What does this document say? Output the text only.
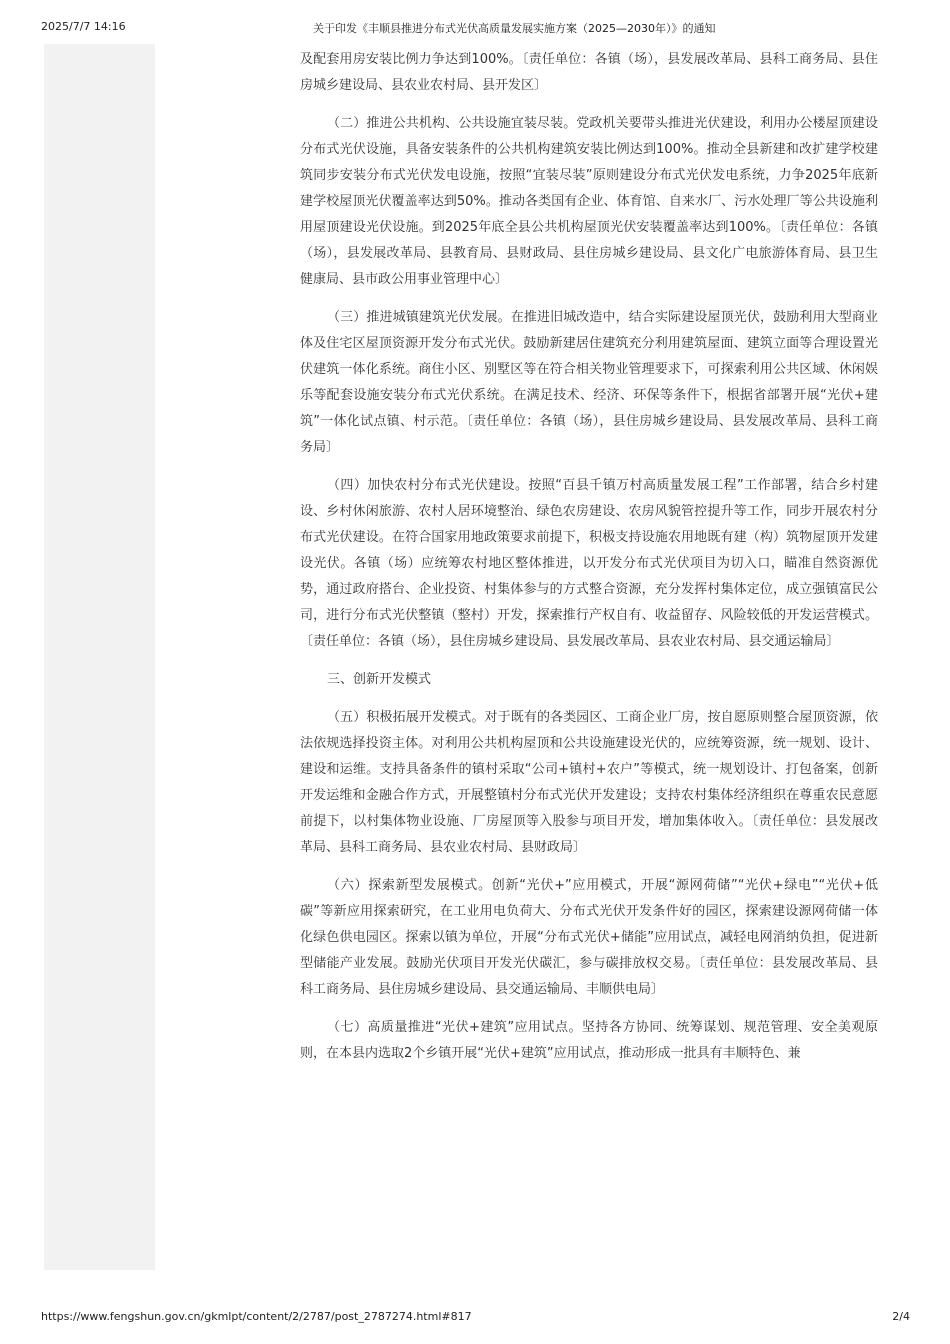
2025/7/7 14:16	关于印发《丰顺县推进分布式光伏高质量发展实施方案（2025—2030年）》的通知

及配套用房安装比例力争达到100%。〔责任单位：各镇（场），县发展改革局、县科工商务局、县住房城乡建设局、县农业农村局、县开发区〕

（二）推进公共机构、公共设施宜装尽装。党政机关要带头推进光伏建设，利用办公楼屋顶建设分布式光伏设施，具备安装条件的公共机构建筑安装比例达到100%。推动全县新建和改扩建学校建筑同步安装分布式光伏发电设施，按照“宜装尽装”原则建设分布式光伏发电系统，力争2025年底新建学校屋顶光伏覆盖率达到50%。推动各类国有企业、体育馆、自来水厂、污水处理厂等公共设施利用屋顶建设光伏设施。到2025年底全县公共机构屋顶光伏安装覆盖率达到100%。〔责任单位：各镇（场），县发展改革局、县教育局、县财政局、县住房城乡建设局、县文化广电旅游体育局、县卫生健康局、县市政公用事业管理中心〕

（三）推进城镇建筑光伏发展。在推进旧城改造中，结合实际建设屋顶光伏，鼓励利用大型商业体及住宅区屋顶资源开发分布式光伏。鼓励新建居住建筑充分利用建筑屋面、建筑立面等合理设置光伏建筑一体化系统。商住小区、别墅区等在符合相关物业管理要求下，可探索利用公共区域、休闲娱乐等配套设施安装分布式光伏系统。在满足技术、经济、环保等条件下，根据省部署开展“光伏+建筑”一体化试点镇、村示范。〔责任单位：各镇（场），县住房城乡建设局、县发展改革局、县科工商务局〕

（四）加快农村分布式光伏建设。按照“百县千镇万村高质量发展工程”工作部署，结合乡村建设、乡村休闲旅游、农村人居环境整治、绿色农房建设、农房风貌管控提升等工作，同步开展农村分布式光伏建设。在符合国家用地政策要求前提下，积极支持设施农用地既有建（构）筑物屋顶开发建设光伏。各镇（场）应统筹农村地区整体推进，以开发分布式光伏项目为切入口，瞄准自然资源优势，通过政府搭台、企业投资、村集体参与的方式整合资源，充分发挥村集体定位，成立强镇富民公司，进行分布式光伏整镇（整村）开发，探索推行产权自有、收益留存、风险较低的开发运营模式。〔责任单位：各镇（场），县住房城乡建设局、县发展改革局、县农业农村局、县交通运输局〕

三、创新开发模式

（五）积极拓展开发模式。对于既有的各类园区、工商企业厂房，按自愿原则整合屋顶资源，依法依规选择投资主体。对利用公共机构屋顶和公共设施建设光伏的，应统筹资源，统一规划、设计、建设和运维。支持具备条件的镇村采取“公司+镇村+农户”等模式，统一规划设计、打包备案，创新开发运维和金融合作方式，开展整镇村分布式光伏开发建设；支持农村集体经济组织在尊重农民意愿前提下，以村集体物业设施、厂房屋顶等入股参与项目开发，增加集体收入。〔责任单位：县发展改革局、县科工商务局、县农业农村局、县财政局〕

（六）探索新型发展模式。创新“光伏+”应用模式，开展“源网荷储”“光伏+绿电”“光伏+低碳”等新应用探索研究，在工业用电负荷大、分布式光伏开发条件好的园区，探索建设源网荷储一体化绿色供电园区。探索以镇为单位，开展“分布式光伏+储能”应用试点，减轻电网消纳负担，促进新型储能产业发展。鼓励光伏项目开发光伏碳汇，参与碳排放权交易。〔责任单位：县发展改革局、县科工商务局、县住房城乡建设局、县交通运输局、丰顺供电局〕

（七）高质量推进“光伏+建筑”应用试点。坚持各方协同、统筹谋划、规范管理、安全美观原则，在本县内选取2个乡镇开展“光伏+建筑”应用试点，推动形成一批具有丰顺特色、兼

https://www.fengshun.gov.cn/gkmlpt/content/2/2787/post_2787274.html#817	2/4
